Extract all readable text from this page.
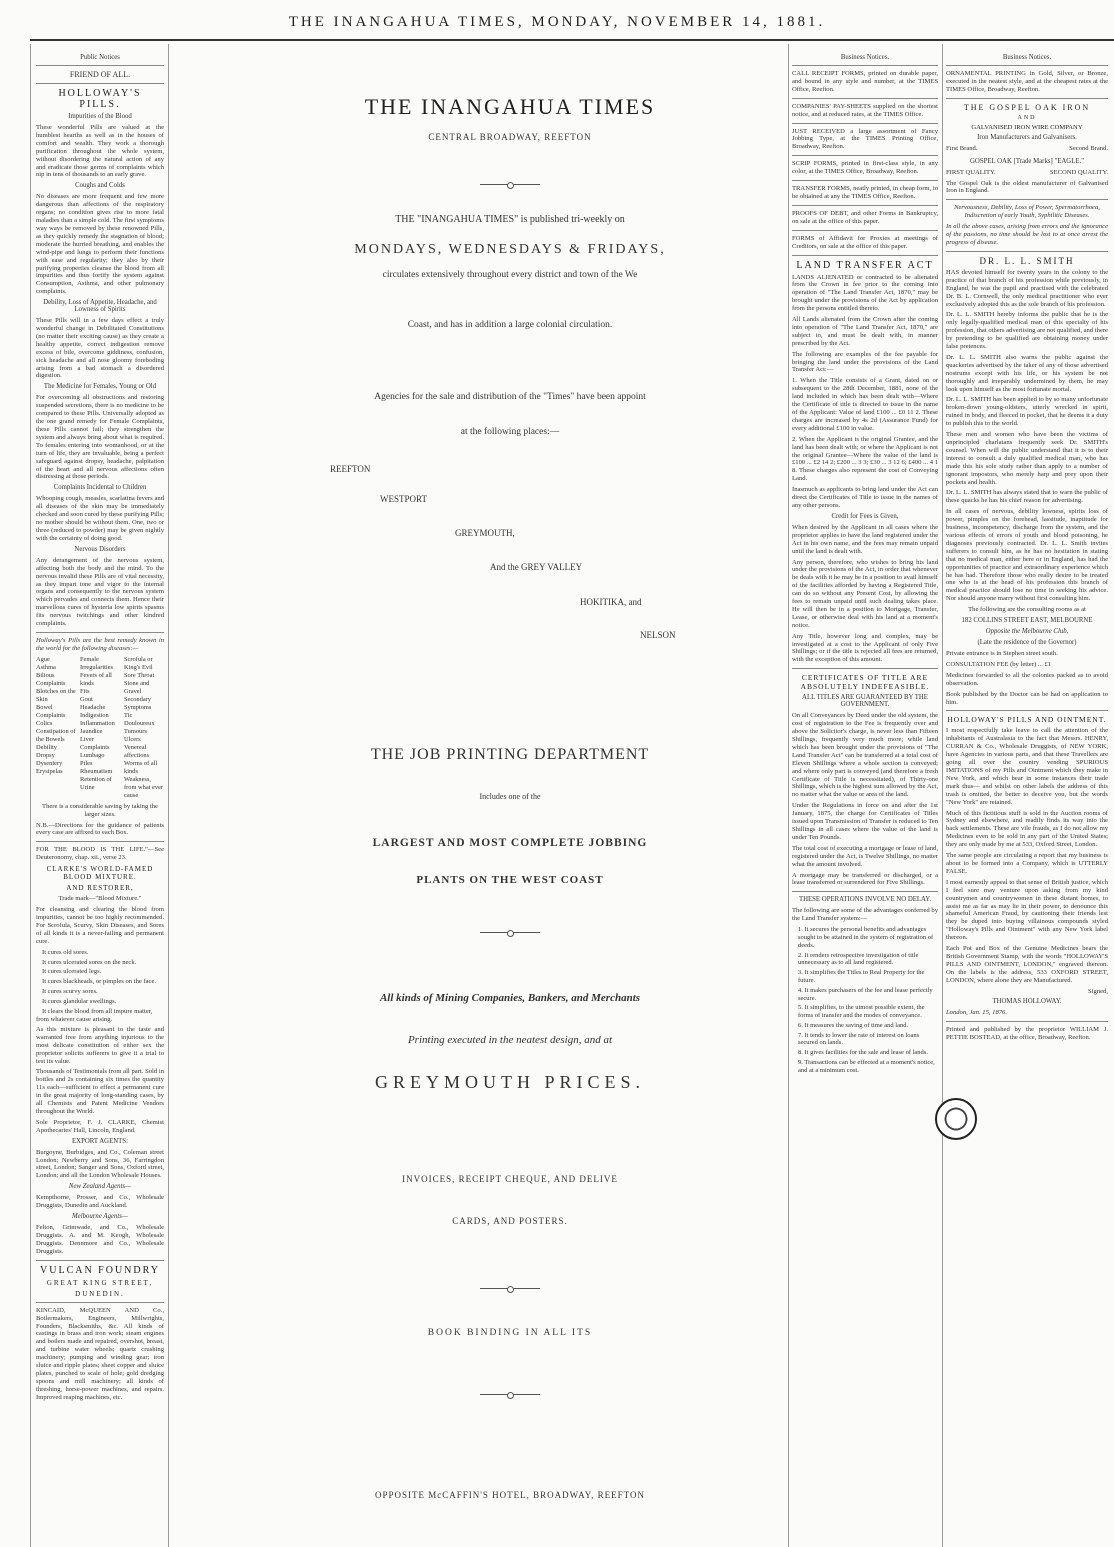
THE INANGAHUA TIMES, MONDAY, NOVEMBER 14, 1881.
Public Notices
FRIEND OF ALL.
HOLLOWAY'S PILLS.
Impurities of the Blood

These wonderful Pills are valued at the humblest hearths as well as in the houses of comfort and wealth. They work a thorough purification throughout the whole system, without disordering the natural action of any and eradicate those germs of complaints which nip in tens of thousands to an early grave.

Coughs and Colds

No diseases are more frequent and few more dangerous than affections of the respiratory organs; no condition gives rise to more fatal maladies than a simple cold. The first symptoms way ways be removed by these renowned Pills, as they quickly remedy the stagnation of blood; moderate the hurried breathing, and enables the wind-pipe and lungs to perform their functions with ease and regularity; they also by their purifying properties cleanse the blood from all impurities and thus fortify the system against Consumption, Asthma, and other pulmonary complaints.

Debility, Loss of Appetite, Headache, and Lowness of Spirits

These Pills will in a few days effect a truly wonderful change in Debilitated Constitutions (no matter their exciting cause) as they create a healthy appetite, correct indigestion remove excess of bile, overcome giddiness, confusion, sick headache and all nose gloomy foreboding arising from a bad stomach a disordered digestion.

The Medicine for Females, Young or Old

For overcoming all obstructions and restoring suspended secretions, there is no medicine to be compared to these Pills. Universally adopted as the one grand remedy for Female Complaints, these Pills cannot fail; they strengthen the system and always bring about what is required. To females entering into womanhood, or at the turn of life, they are invaluable, being a perfect safeguard against dropsy, headache, palpitation of the heart and all nervous affections often distressing at those periods.

Complaints Incidental to Children

Whooping cough, measles, scarlatina fevers and all diseases of the skin may be immediately checked and soon cured by these purifying Pills; no mother should be without them. One, two or three (reduced to powder) may be given nightly with the certainty of doing good.

Nervous Disorders

Any derangement of the nervous system, affecting both the body and the mind. To the nervous invalid these Pills are of vital necessity, as they impart tone and vigor to the internal organs and consequently to the nervous system which pervades and connects them. Hence their marvellous cures of hysteria low spirits spasms fits nervous twitchings and other kindred complaints.

Holloway's Pills are the best remedy known in the world for the following diseases:—

Ague
Asthma
Bilious Complaints
Blotches on the Skin
Bowel Complaints
Colics
Constipation of the Bowels
Debility
Dropsy
Dysentery
Erysipelas
Female Irregularities
Fevers of all kinds
Fits
Gout
Headache
Indigestion
Inflammation
Jaundice
Liver Complaints
Lumbago
Piles
Rheumatism
Retention of Urine
Scrofula or King's Evil
Sore Throat
Stone and Gravel
Secondary Symptoms
Tic Douloureux
Tumours
Ulcers
Venereal affections
Worms of all kinds
Weakness, from what ever cause

There is a considerable saving by taking the larger sizes.

N.B.—Directions for the guidance of patients every case are affixed to each Box.

FOR THE BLOOD IS THE LIFE."—See Deuteronomy, chap. xii., verse 23.

CLARKE'S WORLD-FAMED BLOOD MIXTURE.
AND RESTORER,

Trade mark—"Blood Mixture."

For cleansing and clearing the blood from impurities, cannot be too highly recommended. For Scrofula, Scurvy, Skin Diseases, and Sores of all kinds it is a never-failing and permanent cure.

It cures old sores.
It cures ulcerated sores on the neck.
It cures ulcerated legs.
It cures blackheads, or pimples on the face.
It cures scurvy sores.
It cures glandular swellings.
It clears the blood from all impure matter, from whatever cause arising.

As this mixture is pleasant to the taste and warranted free from anything injurious to the most delicate constitution of either sex the proprietor solicits sufferers to give it a trial to test its value.

Thousands of Testimonials from all part. Sold in bottles and 2s containing six times the quantity 11s each—sufficient to effect a permanent cure in the great majority of long-standing cases, by all Chemists and Patent Medicine Vendors throughout the World.

Sole Proprietor, F. J. CLARKE, Chemist Apothecaries' Hall, Lincoln, England.

EXPORT AGENTS:

Burgoyne, Burbidges, and Co., Coleman street London; Newberry and Sons, 36, Farringdon street, London; Sanger and Sons, Oxford street, London; and all the London Wholesale Houses.

New Zealand Agents—

Kempthorne, Prosser, and Co., Wholesale Druggists, Dunedin and Auckland.

Melbourne Agents—

Felton, Grimwade, and Co., Wholesale Druggists. A. and M. Keogh, Wholesale Druggists. Dennmore and Co., Wholesale Druggists.

VULCAN FOUNDRY
GREAT KING STREET,
DUNEDIN.

KINCAID, McQUEEN AND Co., Boilermakers, Engineers, Millwrights, Founders, Blacksmiths, &c. All kinds of castings in brass and iron work; steam engines and boilers made and repaired, overshot, breast, and turbine water wheels; quartz crushing machinery; pumping and winding gear; iron sluice and ripple plates; sheet copper and sluice plates, punched to scale of hole; gold dredging spoons and mill machinery; all kinds of threshing, horse-power machines, and repairs. Improved reaping machines, etc.

THE INANGAHUA TIMES
CENTRAL BROADWAY, REEFTON
THE "INANGAHUA TIMES" is published tri-weekly on
MONDAYS, WEDNESDAYS & FRIDAYS,
circulates extensively throughout every district and town of the We
Coast, and has in addition a large colonial circulation.
Agencies for the sale and distribution of the "Times" have been appoint
at the following places:—
REEFTON
WESTPORT
GREYMOUTH,
And the GREY VALLEY
HOKITIKA, and
NELSON
THE JOB PRINTING DEPARTMENT
Includes one of the
LARGEST AND MOST COMPLETE JOBBING
PLANTS ON THE WEST COAST
All kinds of Mining Companies, Bankers, and Merchants
Printing executed in the neatest design, and at
GREYMOUTH PRICES.
INVOICES, RECEIPT CHEQUE, AND DELIVE
CARDS, AND POSTERS.
BOOK BINDING IN ALL ITS
OPPOSITE McCAFFIN'S HOTEL, BROADWAY, REEFTON
Business Notices.

CALL RECEIPT FORMS, printed on durable paper, and bound in any style and number, at the TIMES Office, Reefton.

COMPANIES' PAY-SHEETS supplied on the shortest notice, and at reduced rates, at the TIMES Office.

JUST RECEIVED a large assortment of Fancy Jobbing Type, at the TIMES Printing Office, Broadway, Reefton.

SCRIP FORMS, printed in first-class style, in any color, at the TIMES Office, Broadway, Reefton.

TRANSFER FORMS, neatly printed, in cheap form, to be obtained at any the TIMES Office, Reefton.

PROOFS OF DEBT, and other Forms in Bankruptcy, on sale at the office of this paper.

FORMS of Affidavit for Proxies at meetings of Creditors, on sale at the office of this paper.

LAND TRANSFER ACT

LANDS ALIENATED or contracted to be alienated from the Crown in fee prior to the coming into operation of "The Land Transfer Act, 1870," may be brought under the provisions of the Act by application from the persons entitled thereto.

All Lands alienated from the Crown after the coming into operation of "The Land Transfer Act, 1870," are subject to, and must be dealt with, in manner prescribed by the Act.

The following are examples of the fee payable for bringing the land under the provisions of the Land Transfer Act:—

1. When the Title consists of a Grant, dated on or subsequent to the 28th December, 1881, none of the land included in which has been dealt with—Where the Certificate of title is directed to issue in the name of the Applicant: Value of land £100 ... £0 11 2. These charges are increased by 4s 2d (Assurance Fund) for every additional £100 in value.

2. When the Applicant is the original Grantee, and the land has been dealt with; or where the Applicant is not the original Grantee—Where the value of the land is £100 ... £2 14 2; £200 ... 3 3; £30 ... 3 12 6; £400 ... 4 1 8. These charges also represent the cost of Conveying Land.

Inasmuch as applicants to bring land under the Act can direct the Certificates of Title to issue in the names of any other persons.

Credit for Fees is Given,

When desired by the Applicant in all cases where the proprietor applies to have the land registered under the Act in his own name, and the fees may remain unpaid until the land is dealt with.

Any person, therefore, who wishes to bring his land under the provisions of the Act, in order that whenever he deals with it he may be in a position to avail himself of the facilities afforded by having a Registered Title, can do so without any Present Cost, by allowing the fees to remain unpaid until such dealing takes place. He will then be in a position to Mortgage, Transfer, Lease, or otherwise deal with his land at a moment's notice.

Any Title, however long and complex, may be investigated at a cost to the Applicant of only Five Shillings; or if the title is rejected all fees are returned, with the exception of this amount.

CERTIFICATES OF TITLE ARE ABSOLUTELY INDEFEASIBLE.
ALL TITLES ARE GUARANTEED BY THE GOVERNMENT.

On all Conveyances by Deed under the old system, the cost of registration to the Fee is frequently over and above the Solicitor's charge, is never less than Fifteen Shillings, frequently very much more; while land which has been brought under the provisions of "The Land Transfer Act" can be transferred at a total cost of Eleven Shillings where a whole section is conveyed; and where only part is conveyed (and therefore a fresh Certificate of Title is necessitated), of Thirty-one Shillings, which is the highest sum allowed by the Act, no matter what the value or area of the land.

Under the Regulations in force on and after the 1st January, 1875, the charge for Certificates of Titles issued upon Transmission of Transfer is reduced to Ten Shillings in all cases where the value of the land is under Ten Pounds.

The total cost of executing a mortgage or lease of land, registered under the Act, is Twelve Shillings, no matter what the amount involved.

A mortgage may be transferred or discharged, or a lease transferred or surrendered for Five Shillings.

THESE OPERATIONS INVOLVE NO DELAY.

The following are some of the advantages conferred by the Land Transfer system:—

1. It secures the personal benefits and advantages sought to be attained in the system of registration of deeds.
2. It renders retrospective investigation of title unnecessary as to all land registered.
3. It simplifies the Titles to Real Property for the future.
4. It makes purchasers of the fee and lease perfectly secure.
5. It simplifies, to the utmost possible extent, the forms of transfer and the modes of conveyance.
6. It measures the saving of time and land.
7. It tends to lower the rate of interest on loans secured on lands.
8. It gives facilities for the sale and lease of lands.
9. Transactions can be effected at a moment's notice, and at a minimum cost.
Business Notices.

ORNAMENTAL PRINTING in Gold, Silver, or Bronze, executed in the neatest style, and at the cheapest rates at the TIMES Office, Broadway, Reefton.

THE GOSPEL OAK IRON
AND
GALVANISED IRON WIRE COMPANY
Iron Manufacturers and Galvanisers.
First Brand.	Second Brand.
GOSPEL OAK [Trade Marks] "EAGLE."
FIRST QUALITY.	SECOND QUALITY.

The Gospel Oak is the oldest manufacturer of Galvanised Iron in England.

Nervousness, Debility, Loss of Power, Spermatorrhoea, Indiscretion of early Youth, Syphilitic Diseases.

In all the above cases, arising from errors and the ignorance of the passions, no time should be lost to at once arrest the progress of disease.

DR. L. L. SMITH

HAS devoted himself for twenty years in the colony to the practice of that branch of his profession while previously, in England, he was the pupil and practised with the celebrated Dr. B. L. Cornwell, the only medical practitioner who ever exclusively adopted this as the sole branch of his profession.

Dr. L. L. SMITH hereby informs the public that he is the only legally-qualified medical man of this specialty of his profession, that others advertising are not qualified, and there by pretending to be qualified are obtaining money under false pretences.

Dr. L. L. SMITH also warns the public against the quackeries advertised by the taker of any of those advertised nostrums except with his life, or his system be not thoroughly and irreparably undermined by them, he may look upon himself as the most fortunate mortal.

Dr. L. L. SMITH has been applied to by so many unfortunate broken-down young-oldsters, utterly wrecked in spirit, ruined in body, and fleeced in pocket, that he deems it a duty to publish this to the world.

These men and women who have been the victims of unprincipled charlatans frequently seek Dr. SMITH's counsel. When will the public understand that it is to their interest to consult a duly qualified medical man, who has made this his sole study rather than apply to a number of ignorant impostors, who merely harp and prey upon their pockets and health.

Dr. L. L. SMITH has always stated that to warn the public of these quacks he has his chief reason for advertising.

In all cases of nervous, debility lowness, spirits loss of power, pimples on the forehead, lassitude, inaptitude for business, incompetency, discharge from the system, and the various effects of errors of youth and blood poisoning, he diagnoses previously contracted. Dr. L. L. Smith invites sufferers to consult him, as he has no hesitation in stating that no medical man, either here or in England, has had the opportunities of practice and extraordinary experience which he has had. Therefore those who really desire to be treated one who is at the head of his profession this branch of medical practice should lose no time in seeking his advice. Nor should anyone marry without first consulting him.

The following are the consulting rooms as at

182 COLLINS STREET EAST, MELBOURNE
Opposite the Melbourne Club,
(Late the residence of the Governor)

Private entrance is in Stephen street south.

CONSULTATION FEE (by letter) ... £1

Medicines forwarded to all the colonies packed as to avoid observation.

Book published by the Doctor can be had on application to him.

HOLLOWAY'S PILLS AND OINTMENT.

I most respectfully take leave to call the attention of the inhabitants of Australasia to the fact that Messrs. HENRY, CURRAN & Co., Wholesale Druggists, of NEW YORK, have Agencies in various parts, and that these Travellers are going all over the country vending SPURIOUS IMITATIONS of my Pills and Ointment which they make in New York, and which bear in some instances their trade mark thus— and whilst on other labels the address of this trash is omitted, the better to deceive you, but the words "New York" are retained.

Much of this fictitious stuff is sold in the Auction rooms of Sydney and elsewhere, and readily finds its way into the back settlements. These are vile frauds, as I do not allow my Medicines even to be sold in any part of the United States; they are only made by me at 533, Oxford Street, London.

The same people are circulating a report that my business is about to be formed into a Company, which is UTTERLY FALSE.

I most earnestly appeal to that sense of British justice, which I feel sure may venture upon asking from my kind countrymen and countrywomen in these distant homes, to assist me as far as may lie in their power, to denounce this shameful American Fraud, by cautioning their friends lest they be duped into buying villainous compounds styled "Holloway's Pills and Ointment" with any New York label thereon.

Each Pot and Box of the Genuine Medicines bears the British Government Stamp, with the words "HOLLOWAY'S PILLS AND OINTMENT, LONDON," engraved thereon. On the labels is the address, 533 OXFORD STREET, LONDON, where alone they are Manufactured.

Signed,

THOMAS HOLLOWAY.

London, Jan. 15, 1876.

Printed and published by the proprietor WILLIAM J. PETTIE BOSTEAD, at the office, Broadway, Reefton.
